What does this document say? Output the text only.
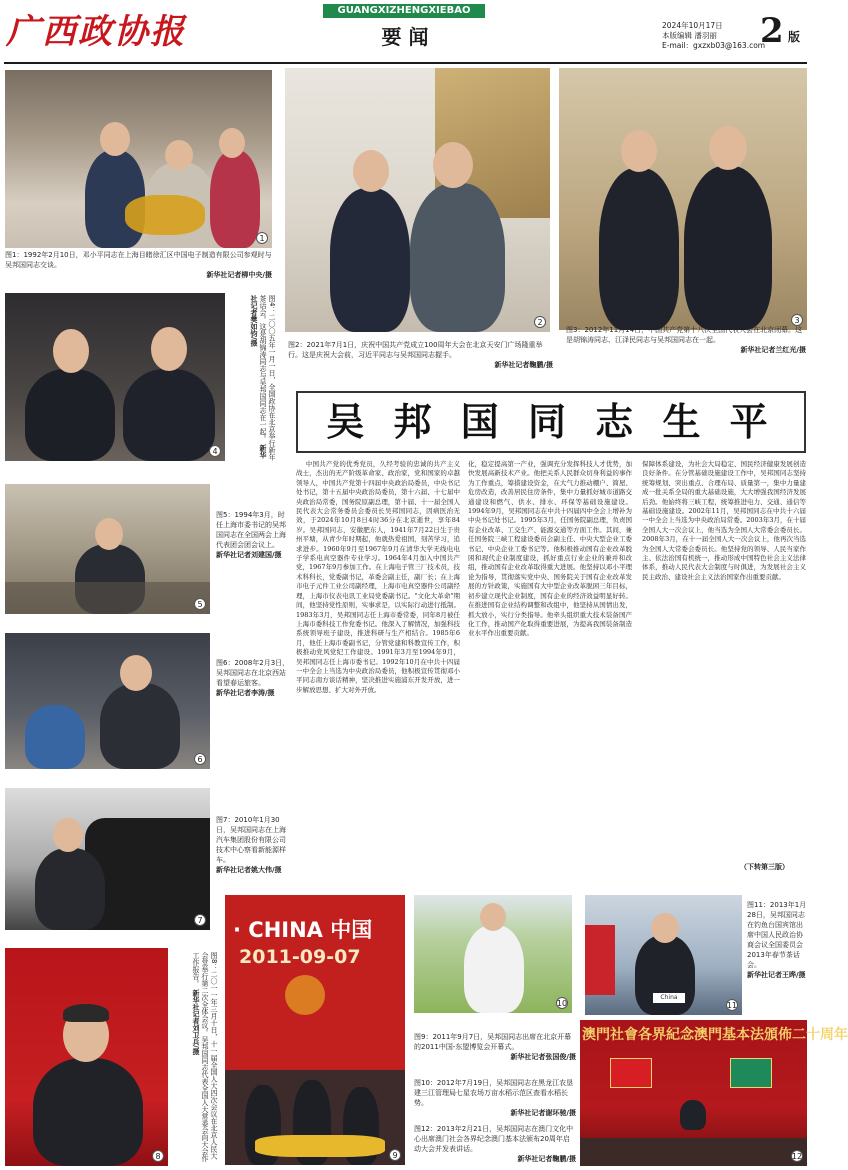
广西政协报
GUANGXIZHENGXIEBAO
要 闻	2024年10月17日
本版编辑 潘羽丽
E-mail：gxzxb03@163.com
2 版
1
图1：1992年2月10日，邓小平同志在上海目睹徐汇区中国电子制造有限公司参观时与吴邦国同志交谈。
新华社记者柳中央/摄
2
图2：2021年7月1日，庆祝中国共产党成立100周年大会在北京天安门广场隆重举行。这是庆祝大会前，习近平同志与吴邦国同志握手。
新华社记者鞠鹏/摄
3
图3：2012年11月14日，中国共产党第十八次全国代表大会在北京闭幕。这是胡锦涛同志、江泽民同志与吴邦国同志在一起。
新华社记者兰红光/摄
4	图4：二〇〇五年一月一日，全国政协在北京举行新年茶话会。这是胡锦涛同志与吴邦国同志在一起。 新华社记者樊如钧/摄
吴 邦 国 同 志 生 平
中国共产党的优秀党员，久经考验的忠诚的共产主义战士，杰出的无产阶级革命家、政治家，党和国家的卓越领导人，中国共产党第十四届中央政治局委员，中央书记处书记，第十五届中央政治局委员，第十六届、十七届中央政治局常委，国务院原副总理，第十届、十一届全国人民代表大会常务委员会委员长吴邦国同志，因病医治无效，于2024年10月8日4时36分在北京逝世，享年84岁。吴邦国同志，安徽肥东人，1941年7月22日生于贵州平塘，从青少年时期起，他就热爱祖国，刻苦学习，追求进步。1960年9月至1967年9月在清华大学无线电电子学系电真空器件专业学习。1964年4月加入中国共产党，1967年9月参加工作。在上海电子管三厂技术员，技术科科长，党委副书记，革委会副主任，副厂长；在上海市电子元件工业公司副经理，上海市电真空器件公司副经理，上海市仪表电讯工业局党委副书记。"文化大革命"期间，他坚持党性原则，实事求是，以实际行动进行抵制。1983年3月，吴邦国同志任上海市委常委，同年8月被任上海市委科技工作党委书记。他深入了解情况，加强科技系统领导班子建设，推进科研与生产相结合。1985年6月，他任上海市委副书记，分管党建和科教宣传工作，积极推动党风党纪工作建设。1991年3月至1994年9月，吴邦国同志任上海市委书记。1992年10月在中共十四届一中全会上当选为中央政治局委员，他积极宣传贯彻邓小平同志南方谈话精神，坚决推进实施浦东开发开放，进一步解放思想、扩大对外开放。
化，稳定提高第一产业，强调充分发挥科技人才优势，加快发展高新技术产业。他把关系人民群众切身利益的事作为工作重点，筹措建设资金，在大气力推动棚户、简屋、危房改造，改善居民住房条件，集中力量抓好城市道路交通建设和燃气、供水、排水、环保等基础设施建设。1994年9月，吴邦国同志在中共十四届四中全会上增补为中央书记处书记。1995年3月，任国务院副总理，负责国有企业改革、工交生产、能源交通等方面工作。其间，兼任国务院三峡工程建设委员会副主任、中央大型企业工委书记、中央企业工委书记等。他积极推动国有企业改革脱困和现代企业制度建设，抓好重点行业企业的兼并和改组，推动国有企业改革取得重大进展。他坚持以邓小平理论为指导，贯彻落实党中央、国务院关于国有企业改革发展的方针政策，实施国有大中型企业改革脱困三年目标，初步建立现代企业制度，国有企业的经济效益明显好转。在推进国有企业结构调整和改组中，他坚持从国情出发，抓大放小，实行分类指导。他牵头组织重大技术装备国产化工作，推动国产化取得重要进展，为提高我国装备制造业水平作出重要贡献。
保障体系建设，为社会大局稳定、国民经济健康发展创造良好条件。在分管基础设施建设工作中，吴邦国同志坚持统筹规划、突出重点、合理布局、质量第一，集中力量建成一批关系全局的重大基础设施，大大增强我国经济发展后劲。他始终将三峡工程，统筹推进电力、交通、通信等基础设施建设。2002年11月，吴邦国同志在中共十六届一中全会上当选为中央政治局常委。2003年3月，在十届全国人大一次会议上，他当选为全国人大常委会委员长。2008年3月，在十一届全国人大一次会议上，他再次当选为全国人大常委会委员长。他坚持党的领导、人民当家作主、依法治国有机统一，推动形成中国特色社会主义法律体系，推动人民代表大会制度与时俱进，为发展社会主义民主政治、建设社会主义法治国家作出重要贡献。
（下转第三版）
5
图5：1994年3月，时任上海市委书记的吴邦国同志在全国两会上海代表团会团会议上。
新华社记者刘建国/摄
6
图6：2008年2月3日，吴邦国同志在北京西站看望春运旅客。
新华社记者李涛/摄
7
图7：2010年1月30日，吴邦国同志在上海汽车集团股份有限公司技术中心察看新能源样车。
新华社记者姚大伟/摄
8	图8：二〇一一年三月十日，十一届全国人大四次会议在北京人民大会堂举行第二次全体会议。吴邦国同志代表全国人大常委会向大会作工作报告。 新华社记者刘卫兵/摄
· CHINA 中国
2011-09-07
9
10
图9：2011年9月7日，吴邦国同志出席在北京开幕的2011中国-东盟博览会开幕式。
新华社记者张国俊/摄
图10：2012年7月19日，吴邦国同志在黑龙江农垦建三江管理局七星农场万亩水稻示范区查看水稻长势。
新华社记者谢环驰/摄
图12：2013年2月21日，吴邦国同志在澳门文化中心出席澳门社会各界纪念澳门基本法颁布20周年启动大会并发表讲话。
新华社记者鞠鹏/摄
China
11
图11：2013年1月28日，吴邦国同志在钓鱼台国宾馆出席中国人民政治协商会议全国委员会2013年春节茶话会。
新华社记者王晔/摄
澳門社會各界紀念澳門基本法頒佈二十周年
12
